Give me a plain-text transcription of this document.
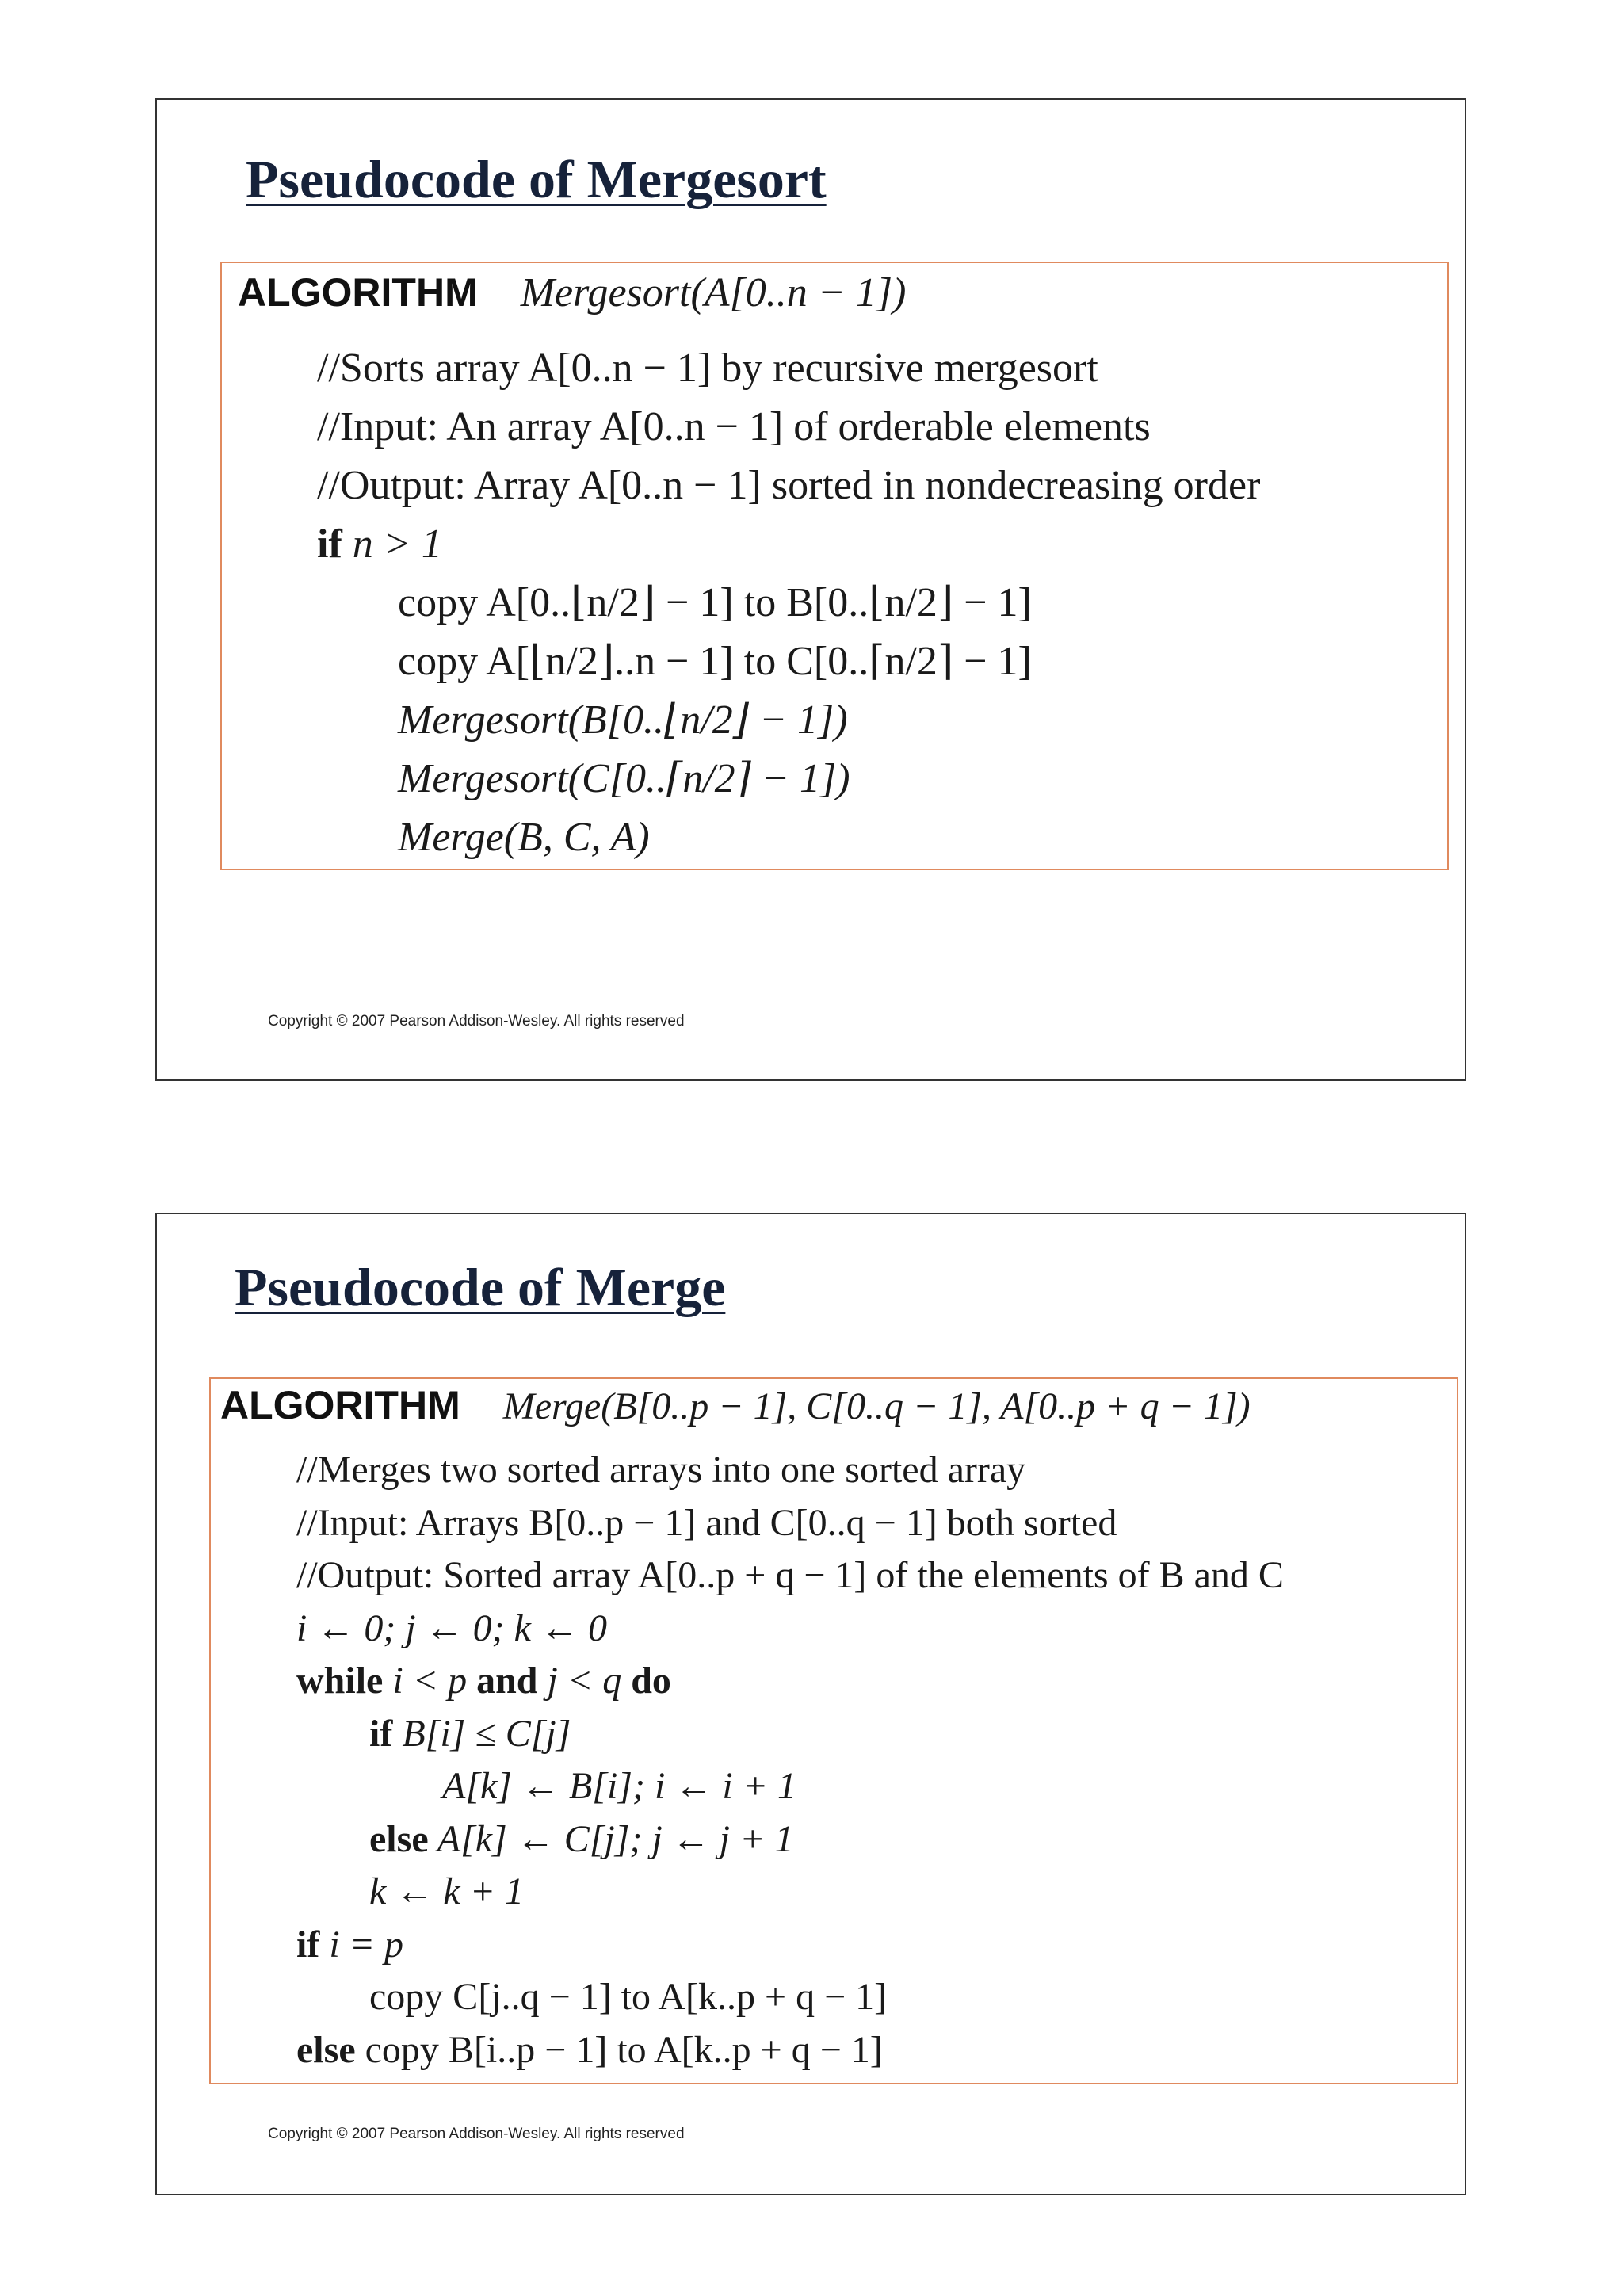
Pseudocode of Mergesort
ALGORITHM Mergesort(A[0..n − 1])
//Sorts array A[0..n − 1] by recursive mergesort
//Input: An array A[0..n − 1] of orderable elements
//Output: Array A[0..n − 1] sorted in nondecreasing order
if n > 1
copy A[0..⌊n/2⌋ − 1] to B[0..⌊n/2⌋ − 1]
copy A[⌊n/2⌋..n − 1] to C[0..⌈n/2⌉ − 1]
Mergesort(B[0..⌊n/2⌋ − 1])
Mergesort(C[0..⌈n/2⌉ − 1])
Merge(B, C, A)
Copyright © 2007 Pearson Addison-Wesley. All rights reserved
Pseudocode of Merge
ALGORITHM Merge(B[0..p − 1], C[0..q − 1], A[0..p + q − 1])
//Merges two sorted arrays into one sorted array
//Input: Arrays B[0..p − 1] and C[0..q − 1] both sorted
//Output: Sorted array A[0..p + q − 1] of the elements of B and C
i ← 0; j ← 0; k ← 0
while i < p and j < q do
if B[i] ≤ C[j]
A[k] ← B[i]; i ← i + 1
else A[k] ← C[j]; j ← j + 1
k ← k + 1
if i = p
copy C[j..q − 1] to A[k..p + q − 1]
else copy B[i..p − 1] to A[k..p + q − 1]
Copyright © 2007 Pearson Addison-Wesley. All rights reserved
